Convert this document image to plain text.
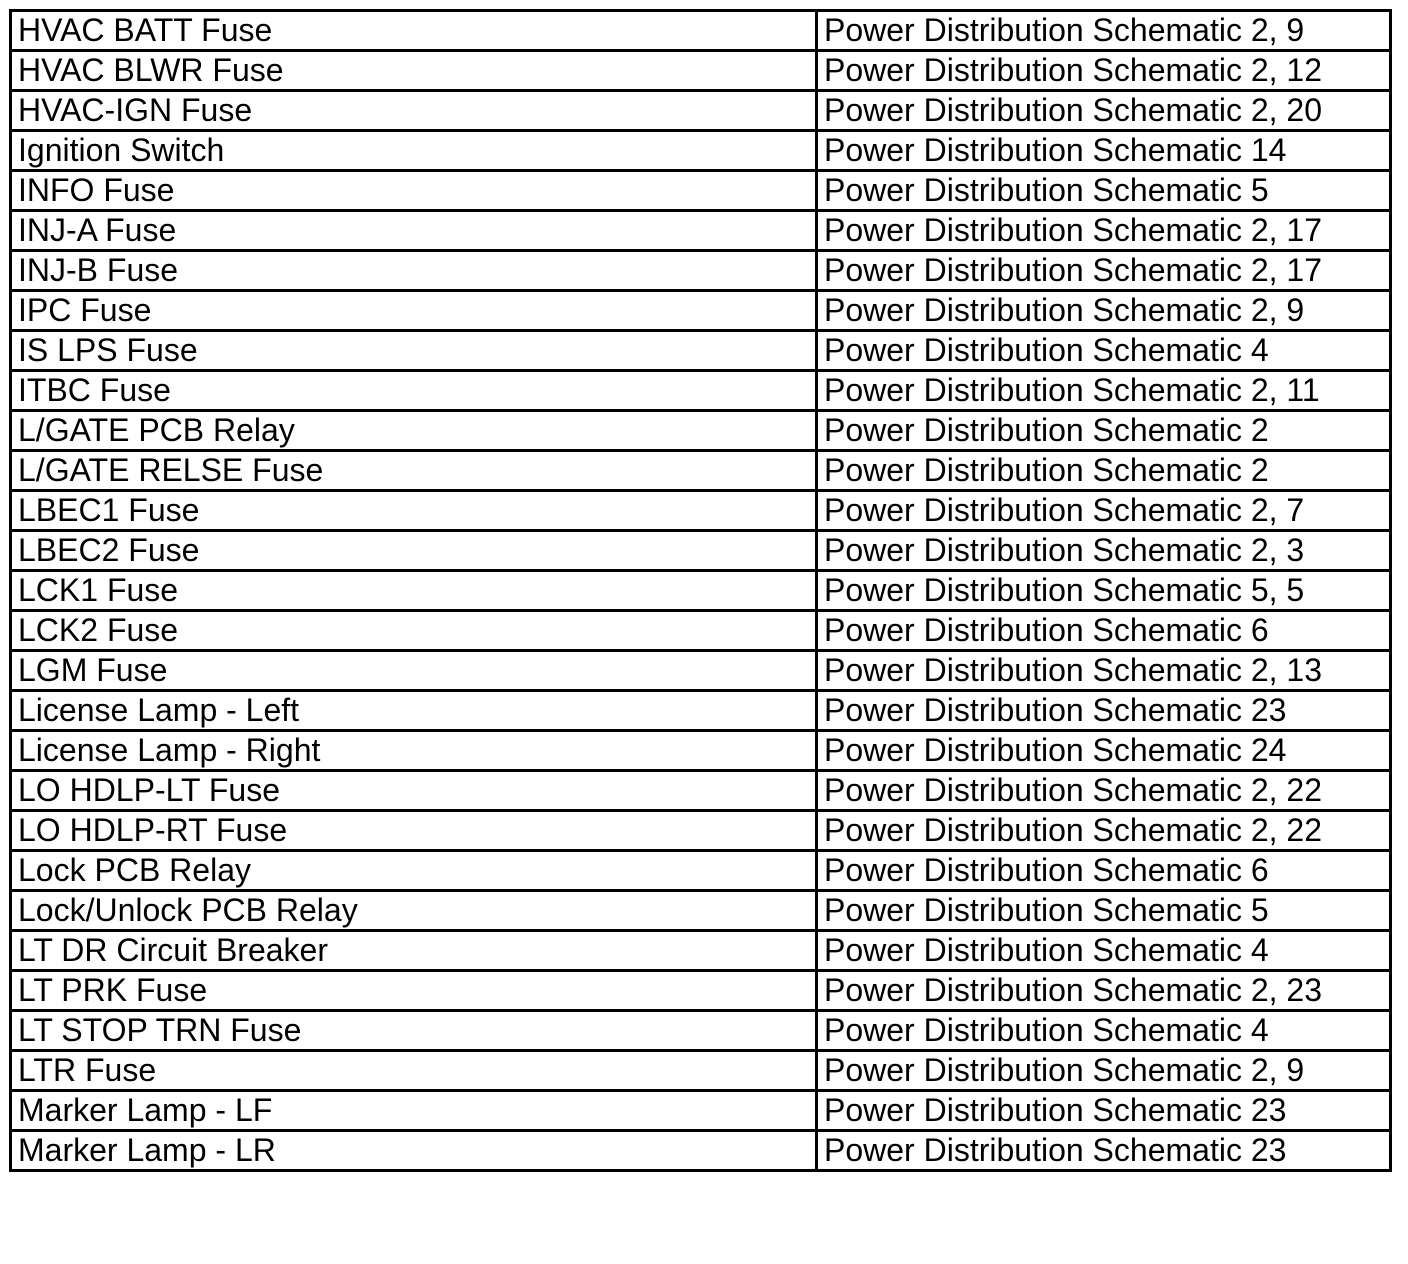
HVAC BATT Fuse	Power Distribution Schematic 2, 9
HVAC BLWR Fuse	Power Distribution Schematic 2, 12
HVAC-IGN Fuse	Power Distribution Schematic 2, 20
Ignition Switch	Power Distribution Schematic 14
INFO Fuse	Power Distribution Schematic 5
INJ-A Fuse	Power Distribution Schematic 2, 17
INJ-B Fuse	Power Distribution Schematic 2, 17
IPC Fuse	Power Distribution Schematic 2, 9
IS LPS Fuse	Power Distribution Schematic 4
ITBC Fuse	Power Distribution Schematic 2, 11
L/GATE PCB Relay	Power Distribution Schematic 2
L/GATE RELSE Fuse	Power Distribution Schematic 2
LBEC1 Fuse	Power Distribution Schematic 2, 7
LBEC2 Fuse	Power Distribution Schematic 2, 3
LCK1 Fuse	Power Distribution Schematic 5, 5
LCK2 Fuse	Power Distribution Schematic 6
LGM Fuse	Power Distribution Schematic 2, 13
License Lamp - Left	Power Distribution Schematic 23
License Lamp - Right	Power Distribution Schematic 24
LO HDLP-LT Fuse	Power Distribution Schematic 2, 22
LO HDLP-RT Fuse	Power Distribution Schematic 2, 22
Lock PCB Relay	Power Distribution Schematic 6
Lock/Unlock PCB Relay	Power Distribution Schematic 5
LT DR Circuit Breaker	Power Distribution Schematic 4
LT PRK Fuse	Power Distribution Schematic 2, 23
LT STOP TRN Fuse	Power Distribution Schematic 4
LTR Fuse	Power Distribution Schematic 2, 9
Marker Lamp - LF	Power Distribution Schematic 23
Marker Lamp - LR	Power Distribution Schematic 23
